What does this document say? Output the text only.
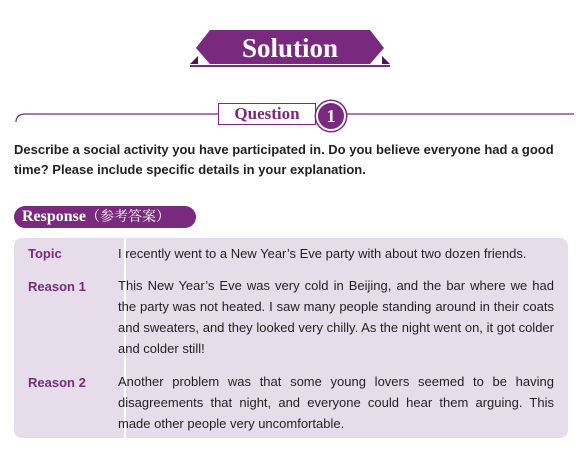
Solution
Question	1
Describe a social activity you have participated in. Do you believe everyone had a good time? Please include specific details in your explanation.
Response（参考答案）
Topic	I recently went to a New Year’s Eve party with about two dozen friends.
Reason 1 This New Year’s Eve was very cold in Beijing, and the bar where we had the party was not heated. I saw many people standing around in their coats and sweaters, and they looked very chilly. As the night went on, it got colder and colder still!
Reason 2 Another problem was that some young lovers seemed to be having disagreements that night, and everyone could hear them arguing. This made other people very uncomfortable.
